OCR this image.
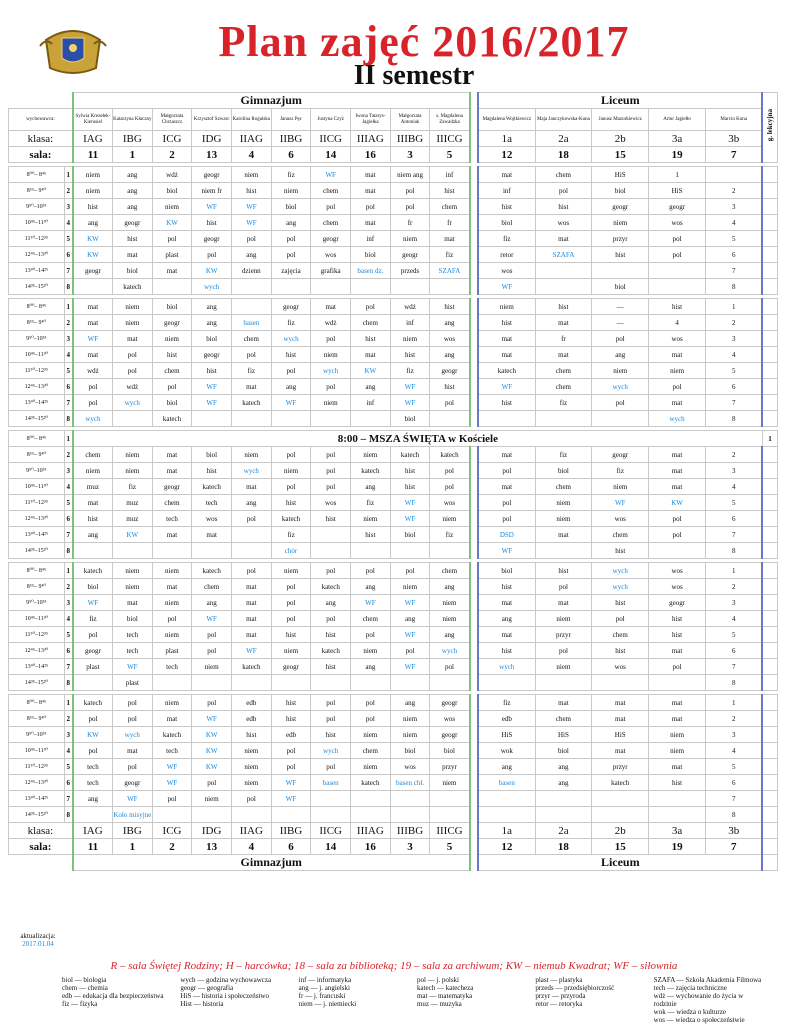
Plan zajęć 2016/2017
II semestr
		Gimnazjum											Liceum					g. lekcyjna
wychowawca:		Sylwia Krezełek-Kierusiel	Katarzyna Kłaczny	Małgorzata Chrzaszcz	Krzysztof Szwarc	Karolina Rogalska	Janusz Pęc	Justyna Czyż	Iwona Tatarys-Jagiełka	Małgorzata Antoniak	s. Magdalena Zawadzka		Magdalena Wojtkiewicz	Maja Janczykowska-Kuna	Janusz Mazurkiewicz	Artur Jagiełło	Marcin Kuna	
klasa:		IAG	IBG	ICG	IDG	IIAG	IIBG	IICG	IIIAG	IIIBG	IIICG		1a	2a	2b	3a	3b	
sala:		11	1	2	13	4	6	14	16	3	5		12	18	15	19	7	

8⁰⁰– 8⁴⁵	1	niem	ang	wdż	geogr	niem	fiz	WF	mat	niem ang	inf		mat	chem	HiS	1		
8⁵⁵– 9⁴⁰	2	niem	ang	biol	niem fr	hist	niem	chem	mat	pol	hist		inf	pol	biol	HiS	2	
9⁵⁰–10³⁵	3	hist	ang	niem	WF	WF	biol	pol	pol	pol	chem		hist	hist	geogr	geogr	3	
10⁴⁵–11³⁰	4	ang	geogr	KW	hist	WF	ang	chem	mat	fr	fr		biol	wos	niem	wos	4	
11⁵⁰–12³⁵	5	KW	hist	pol	geogr	pol	pol	geogr	inf	niem	mat		fiz	mat	przyr	pol	5	
12⁴⁵–13³⁰	6	KW	mat	plast	pol	ang	pol	wos	biol	geogr	fiz		retor	SZAFA	hist	pol	6	
13⁴⁰–14²⁵	7	geogr	biol	mat	KW	dzienn	zajęcia	grafika	basen dz.	przeds	SZAFA		wos				7	
14³⁵–15²⁰	8		katech		wych								WF		biol		8	

8⁰⁰– 8⁴⁵	1	mat	niem	biol	ang		geogr	mat	pol	wdż	hist		niem	hist	—	hist	1	
8⁵⁵– 9⁴⁰	2	mat	niem	geogr	ang	basen	fiz	wdż	chem	inf	ang		hist	mat	—	4	2	
9⁵⁰–10³⁵	3	WF	mat	niem	biol	chem	wych	pol	hist	niem	wos		mat	fr	pol	wos	3	
10⁴⁵–11³⁰	4	mat	pol	hist	geogr	pol	hist	niem	mat	hist	ang		mat	mat	ang	mat	4	
11⁵⁰–12³⁵	5	wdż	pol	chem	hist	fiz	pol	wych	KW	fiz	geogr		katech	chem	niem	niem	5	
12⁴⁵–13³⁰	6	pol	wdż	pol	WF	mat	ang	pol	ang	WF	hist		WF	chem	wych	pol	6	
13⁴⁰–14²⁵	7	pol	wych	biol	WF	katech	WF	niem	inf	WF	pol		hist	fiz	pol	mat	7	
14³⁵–15²⁰	8	wych		katech						biol						wych	8	

8⁰⁰– 8⁴⁵	1	8:00 – MSZA ŚWIĘTA w Kościele																1
8⁵⁵– 9⁴⁰	2	chem	niem	mat	biol	niem	pol	pol	niem	katech	katech		mat	fiz	geogr	mat	2	
9⁵⁰–10³⁵	3	niem	niem	mat	hist	wych	niem	pol	katech	hist	pol		pol	biol	fiz	mat	3	
10⁴⁵–11³⁰	4	muz	fiz	geogr	katech	mat	pol	pol	ang	hist	pol		mat	chem	niem	mat	4	
11⁵⁰–12³⁵	5	mat	muz	chem	tech	ang	hist	wos	fiz	WF	wos		pol	niem	WF	KW	5	
12⁴⁵–13³⁰	6	hist	muz	tech	wos	pol	katech	hist	niem	WF	niem		pol	niem	wos	pol	6	
13⁴⁰–14²⁵	7	ang	KW	mat	mat		fiz		hist	biol	fiz		DSD	mat	chem	pol	7	
14³⁵–15²⁰	8						chór						WF		hist		8	

8⁰⁰– 8⁴⁵	1	katech	niem	niem	katech	pol	niem	pol	pol	pol	chem		biol	hist	wych	wos	1	
8⁵⁵– 9⁴⁰	2	biol	niem	mat	chem	mat	pol	katech	ang	niem	ang		hist	pol	wych	wos	2	
9⁵⁰–10³⁵	3	WF	mat	niem	ang	mat	pol	ang	WF	WF	niem		mat	mat	hist	geogr	3	
10⁴⁵–11³⁰	4	fiz	biol	pol	WF	mat	pol	pol	chem	ang	niem		ang	niem	pol	hist	4	
11⁵⁰–12³⁵	5	pol	tech	niem	pol	mat	hist	hist	pol	WF	ang		mat	przyr	chem	hist	5	
12⁴⁵–13³⁰	6	geogr	tech	plast	pol	WF	niem	katech	niem	pol	wych		hist	pol	hist	mat	6	
13⁴⁰–14²⁵	7	plast	WF	tech	niem	katech	geogr	hist	ang	WF	pol		wych	niem	wos	pol	7	
14³⁵–15²⁰	8		plast														8	

8⁰⁰– 8⁴⁵	1	katech	pol	niem	pol	edb	hist	pol	pol	ang	geogr		fiz	mat	mat	mat	1	
8⁵⁵– 9⁴⁰	2	pol	pol	mat	WF	edb	hist	pol	pol	niem	wos		edb	chem	mat	mat	2	
9⁵⁰–10³⁵	3	KW	wych	katech	KW	hist	edb	hist	niem	niem	geogr		HiS	HiS	HiS	niem	3	
10⁴⁵–11³⁰	4	pol	mat	tech	KW	niem	pol	wych	chem	biol	biol		wok	biol	mat	niem	4	
11⁵⁰–12³⁵	5	tech	pol	WF	KW	niem	pol	pol	niem	wos	przyr		ang	ang	przyr	mat	5	
12⁴⁵–13³⁰	6	tech	geogr	WF	pol	niem	WF	basen	katech	basen chł.	niem		basen	ang	katech	hist	6	
13⁴⁰–14²⁵	7	ang	WF	pol	niem	pol	WF										7	
14³⁵–15²⁰	8		Koło misyjne														8	
klasa:		IAG	IBG	ICG	IDG	IIAG	IIBG	IICG	IIIAG	IIIBG	IIICG		1a	2a	2b	3a	3b	
sala:		11	1	2	13	4	6	14	16	3	5		12	18	15	19	7	
		Gimnazjum											Liceum					
aktualizacja:
2017.01.04
R – sala Świętej Rodziny; H – harcówka; 18 – sala za biblioteką; 19 – sala za archiwum; KW – niemub Kwadrat; WF – siłownia
biol — biologia
chem — chemia
edb — edukacja dla bezpieczeństwa
fiz — fizyka
wych — godzina wychowawcza
geogr — geografia
HiS — historia i społeczeństwo
Hist — historia
inf — informatyka
ang — j. angielski
fr — j. francuski
niem — j. niemiecki
pol — j. polski
katech — katecheza
mat — matematyka
muz — muzyka
plast — plastyka
przeds — przedsiębiorczość
przyr — przyroda
retor — retoryka
SZAFA — Szkoła Akademia Filmowa
tech — zajęcia techniczne
wdż — wychowanie do życia w rodzinie
wok — wiedza o kulturze
wos — wiedza o społeczeństwie
